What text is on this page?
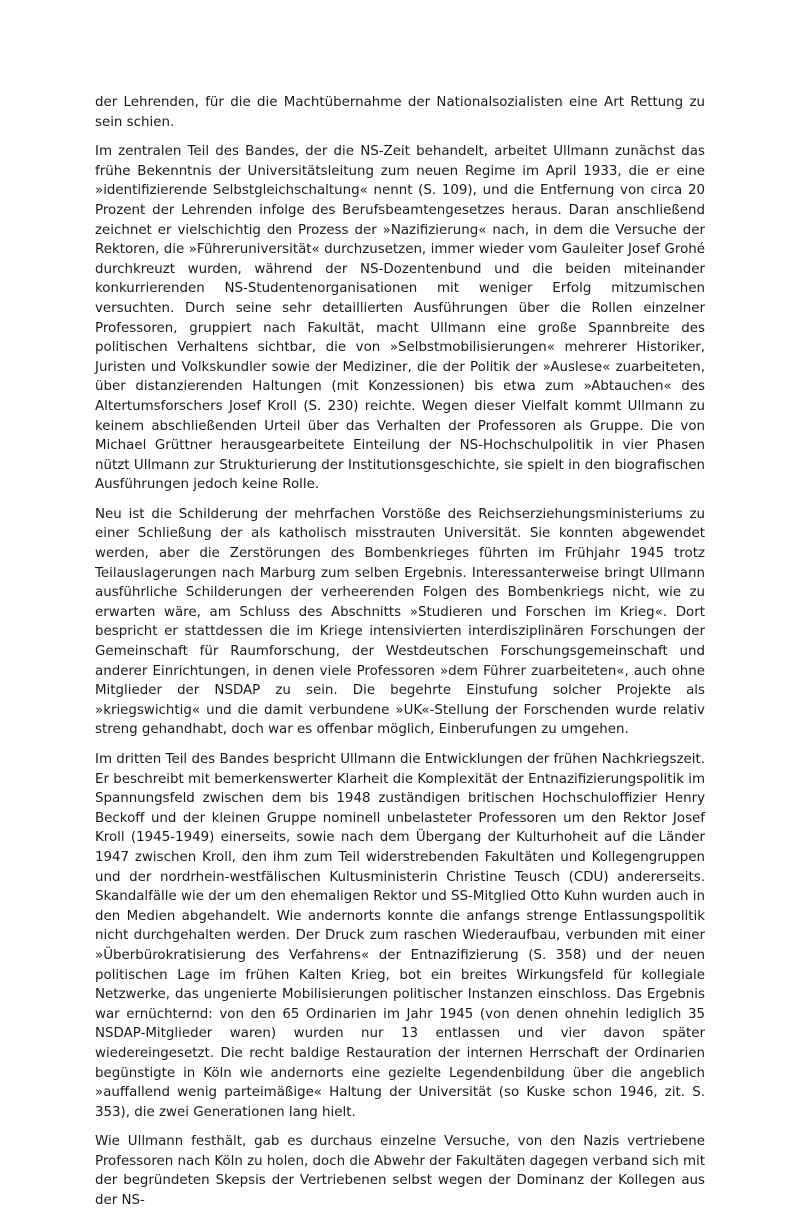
der Lehrenden, für die die Machtübernahme der Nationalsozialisten eine Art Rettung zu sein schien.

Im zentralen Teil des Bandes, der die NS-Zeit behandelt, arbeitet Ullmann zunächst das frühe Bekenntnis der Universitätsleitung zum neuen Regime im April 1933, die er eine »identifizierende Selbstgleichschaltung« nennt (S. 109), und die Entfernung von circa 20 Prozent der Lehrenden infolge des Berufsbeamtengesetzes heraus. Daran anschließend zeichnet er vielschichtig den Prozess der »Nazifizierung« nach, in dem die Versuche der Rektoren, die »Führeruniversität« durchzusetzen, immer wieder vom Gauleiter Josef Grohé durchkreuzt wurden, während der NS-Dozentenbund und die beiden miteinander konkurrierenden NS-Studentenorganisationen mit weniger Erfolg mitzumischen versuchten. Durch seine sehr detaillierten Ausführungen über die Rollen einzelner Professoren, gruppiert nach Fakultät, macht Ullmann eine große Spannbreite des politischen Verhaltens sichtbar, die von »Selbstmobilisierungen« mehrerer Historiker, Juristen und Volkskundler sowie der Mediziner, die der Politik der »Auslese« zuarbeiteten, über distanzierenden Haltungen (mit Konzessionen) bis etwa zum »Abtauchen« des Altertumsforschers Josef Kroll (S. 230) reichte. Wegen dieser Vielfalt kommt Ullmann zu keinem abschließenden Urteil über das Verhalten der Professoren als Gruppe. Die von Michael Grüttner herausgearbeitete Einteilung der NS-Hochschulpolitik in vier Phasen nützt Ullmann zur Strukturierung der Institutionsgeschichte, sie spielt in den biografischen Ausführungen jedoch keine Rolle.

Neu ist die Schilderung der mehrfachen Vorstöße des Reichserziehungsministeriums zu einer Schließung der als katholisch misstrauten Universität. Sie konnten abgewendet werden, aber die Zerstörungen des Bombenkrieges führten im Frühjahr 1945 trotz Teilauslagerungen nach Marburg zum selben Ergebnis. Interessanterweise bringt Ullmann ausführliche Schilderungen der verheerenden Folgen des Bombenkriegs nicht, wie zu erwarten wäre, am Schluss des Abschnitts »Studieren und Forschen im Krieg«. Dort bespricht er stattdessen die im Kriege intensivierten interdisziplinären Forschungen der Gemeinschaft für Raumforschung, der Westdeutschen Forschungsgemeinschaft und anderer Einrichtungen, in denen viele Professoren »dem Führer zuarbeiteten«, auch ohne Mitglieder der NSDAP zu sein. Die begehrte Einstufung solcher Projekte als »kriegswichtig« und die damit verbundene »UK«-Stellung der Forschenden wurde relativ streng gehandhabt, doch war es offenbar möglich, Einberufungen zu umgehen.

Im dritten Teil des Bandes bespricht Ullmann die Entwicklungen der frühen Nachkriegszeit. Er beschreibt mit bemerkenswerter Klarheit die Komplexität der Entnazifizierungspolitik im Spannungsfeld zwischen dem bis 1948 zuständigen britischen Hochschuloffizier Henry Beckoff und der kleinen Gruppe nominell unbelasteter Professoren um den Rektor Josef Kroll (1945-1949) einerseits, sowie nach dem Übergang der Kulturhoheit auf die Länder 1947 zwischen Kroll, den ihm zum Teil widerstrebenden Fakultäten und Kollegengruppen und der nordrhein-westfälischen Kultusministerin Christine Teusch (CDU) andererseits. Skandalfälle wie der um den ehemaligen Rektor und SS-Mitglied Otto Kuhn wurden auch in den Medien abgehandelt. Wie andernorts konnte die anfangs strenge Entlassungspolitik nicht durchgehalten werden. Der Druck zum raschen Wiederaufbau, verbunden mit einer »Überbürokratisierung des Verfahrens« der Entnazifizierung (S. 358) und der neuen politischen Lage im frühen Kalten Krieg, bot ein breites Wirkungsfeld für kollegiale Netzwerke, das ungenierte Mobilisierungen politischer Instanzen einschloss. Das Ergebnis war ernüchternd: von den 65 Ordinarien im Jahr 1945 (von denen ohnehin lediglich 35 NSDAP-Mitglieder waren) wurden nur 13 entlassen und vier davon später wiedereingesetzt. Die recht baldige Restauration der internen Herrschaft der Ordinarien begünstigte in Köln wie andernorts eine gezielte Legendenbildung über die angeblich »auffallend wenig parteimäßige« Haltung der Universität (so Kuske schon 1946, zit. S. 353), die zwei Generationen lang hielt.

Wie Ullmann festhält, gab es durchaus einzelne Versuche, von den Nazis vertriebene Professoren nach Köln zu holen, doch die Abwehr der Fakultäten dagegen verband sich mit der begründeten Skepsis der Vertriebenen selbst wegen der Dominanz der Kollegen aus der NS-
